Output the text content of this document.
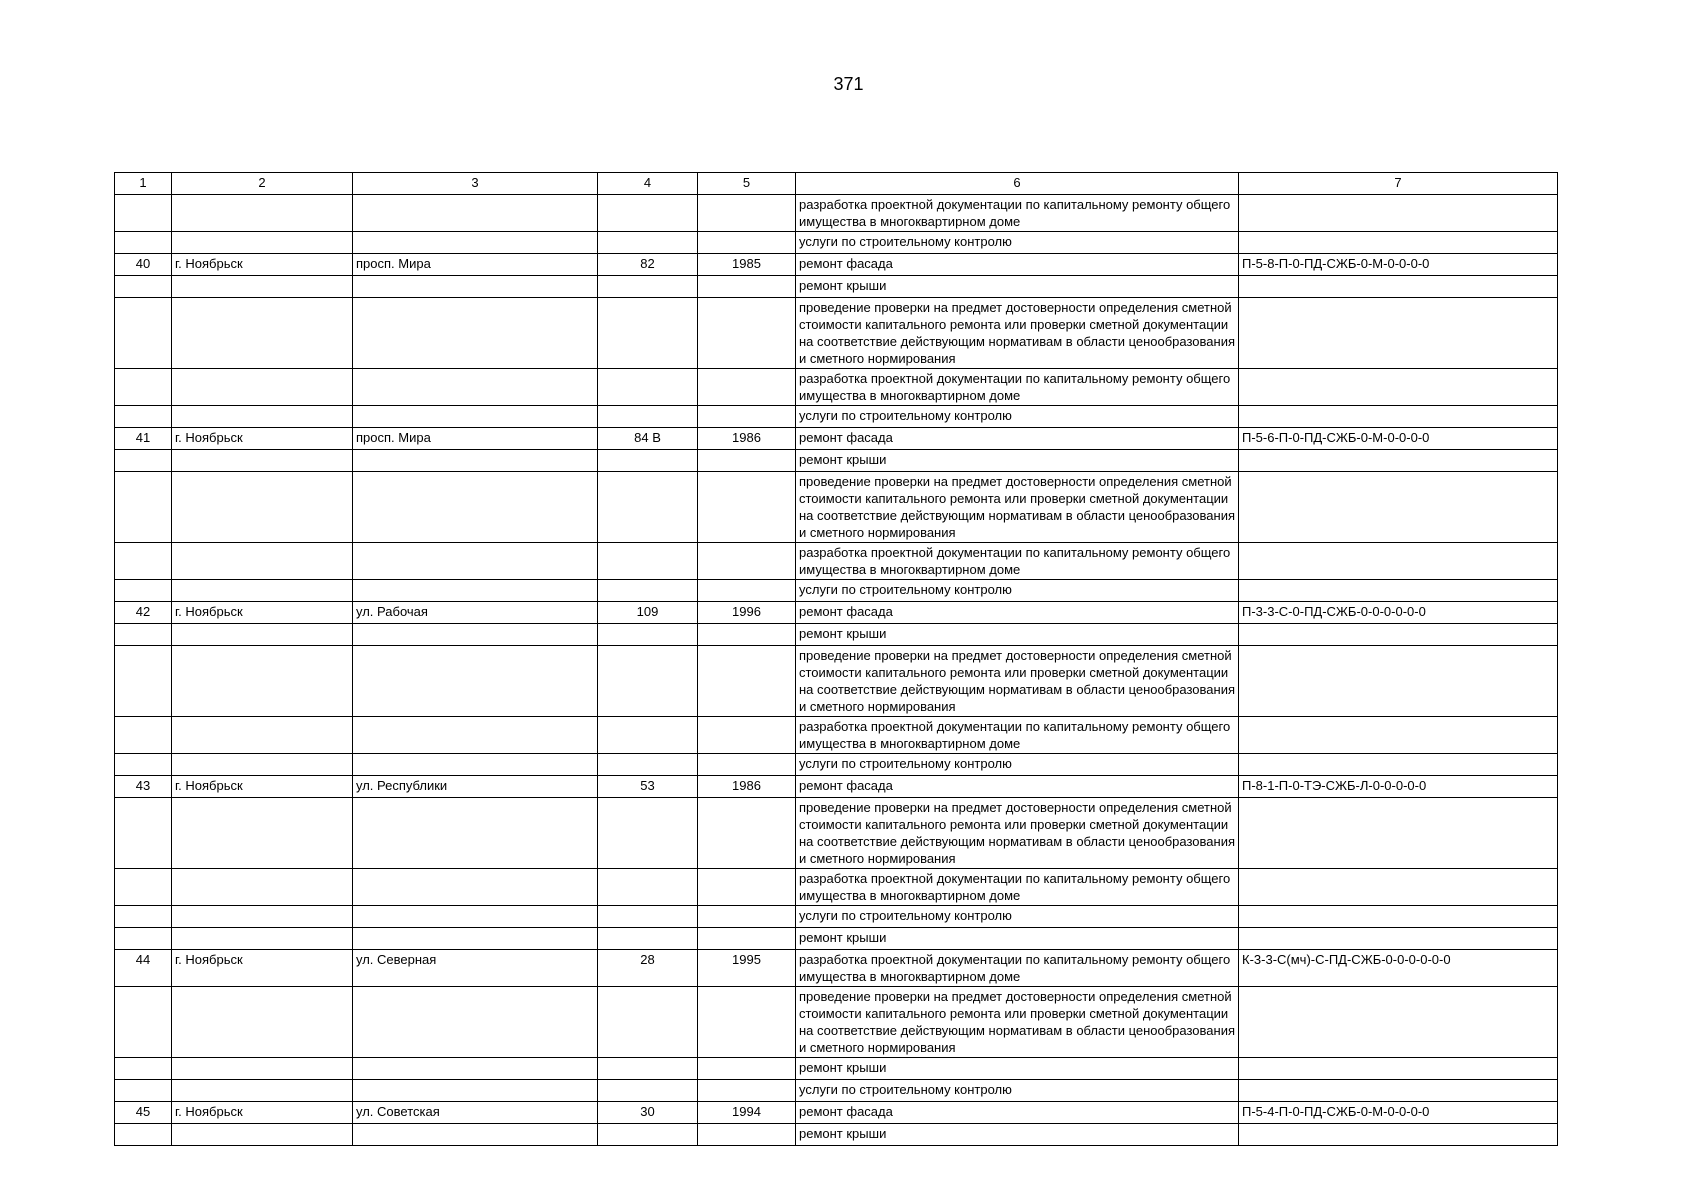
371
1	2	3	4	5	6	7
					разработка проектной документации по капитальному ремонту общего имущества в многоквартирном доме	
					услуги по строительному контролю	
40	г. Ноябрьск	просп. Мира	82	1985	ремонт фасада	П-5-8-П-0-ПД-СЖБ-0-М-0-0-0-0
					ремонт крыши	
					проведение проверки на предмет достоверности определения сметной стоимости капитального ремонта или проверки сметной документации на соответствие действующим нормативам в области ценообразования и сметного нормирования	
					разработка проектной документации по капитальному ремонту общего имущества в многоквартирном доме	
					услуги по строительному контролю	
41	г. Ноябрьск	просп. Мира	84 В	1986	ремонт фасада	П-5-6-П-0-ПД-СЖБ-0-М-0-0-0-0
					ремонт крыши	
					проведение проверки на предмет достоверности определения сметной стоимости капитального ремонта или проверки сметной документации на соответствие действующим нормативам в области ценообразования и сметного нормирования	
					разработка проектной документации по капитальному ремонту общего имущества в многоквартирном доме	
					услуги по строительному контролю	
42	г. Ноябрьск	ул. Рабочая	109	1996	ремонт фасада	П-3-3-С-0-ПД-СЖБ-0-0-0-0-0-0
					ремонт крыши	
					проведение проверки на предмет достоверности определения сметной стоимости капитального ремонта или проверки сметной документации на соответствие действующим нормативам в области ценообразования и сметного нормирования	
					разработка проектной документации по капитальному ремонту общего имущества в многоквартирном доме	
					услуги по строительному контролю	
43	г. Ноябрьск	ул. Республики	53	1986	ремонт фасада	П-8-1-П-0-ТЭ-СЖБ-Л-0-0-0-0-0
					проведение проверки на предмет достоверности определения сметной стоимости капитального ремонта или проверки сметной документации на соответствие действующим нормативам в области ценообразования и сметного нормирования	
					разработка проектной документации по капитальному ремонту общего имущества в многоквартирном доме	
					услуги по строительному контролю	
					ремонт крыши	
44	г. Ноябрьск	ул. Северная	28	1995	разработка проектной документации по капитальному ремонту общего имущества в многоквартирном доме	К-3-3-С(мч)-С-ПД-СЖБ-0-0-0-0-0-0
					проведение проверки на предмет достоверности определения сметной стоимости капитального ремонта или проверки сметной документации на соответствие действующим нормативам в области ценообразования и сметного нормирования	
					ремонт крыши	
					услуги по строительному контролю	
45	г. Ноябрьск	ул. Советская	30	1994	ремонт фасада	П-5-4-П-0-ПД-СЖБ-0-М-0-0-0-0
					ремонт крыши	
